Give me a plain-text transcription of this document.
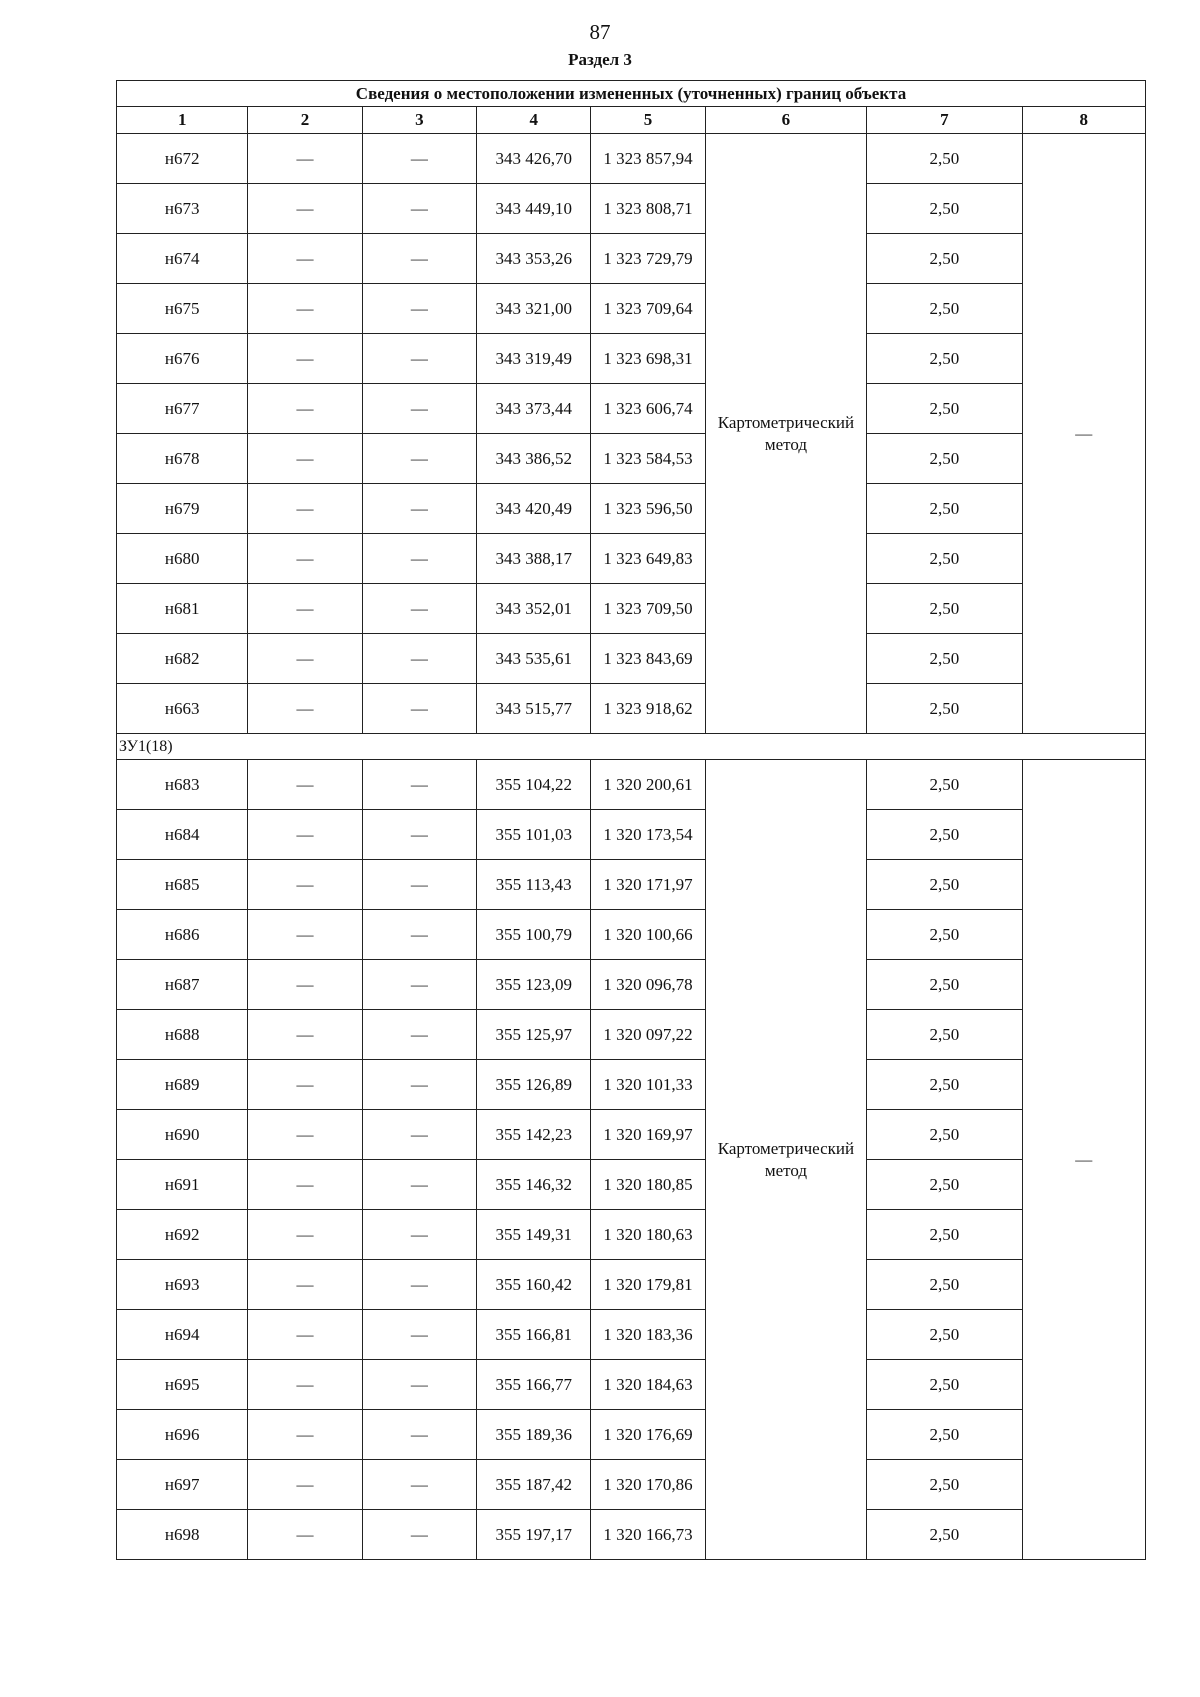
87
Раздел 3
Сведения о местоположении измененных (уточненных) границ объекта							
1	2	3	4	5	6	7	8
н672	—	—	343 426,70	1 323 857,94	Картометрический метод	2,50	—
н673	—	—	343 449,10	1 323 808,71		2,50	
н674	—	—	343 353,26	1 323 729,79		2,50	
н675	—	—	343 321,00	1 323 709,64		2,50	
н676	—	—	343 319,49	1 323 698,31		2,50	
н677	—	—	343 373,44	1 323 606,74		2,50	
н678	—	—	343 386,52	1 323 584,53		2,50	
н679	—	—	343 420,49	1 323 596,50		2,50	
н680	—	—	343 388,17	1 323 649,83		2,50	
н681	—	—	343 352,01	1 323 709,50		2,50	
н682	—	—	343 535,61	1 323 843,69		2,50	
н663	—	—	343 515,77	1 323 918,62		2,50	
ЗУ1(18)							
н683	—	—	355 104,22	1 320 200,61	Картометрический метод	2,50	—
н684	—	—	355 101,03	1 320 173,54		2,50	
н685	—	—	355 113,43	1 320 171,97		2,50	
н686	—	—	355 100,79	1 320 100,66		2,50	
н687	—	—	355 123,09	1 320 096,78		2,50	
н688	—	—	355 125,97	1 320 097,22		2,50	
н689	—	—	355 126,89	1 320 101,33		2,50	
н690	—	—	355 142,23	1 320 169,97		2,50	
н691	—	—	355 146,32	1 320 180,85		2,50	
н692	—	—	355 149,31	1 320 180,63		2,50	
н693	—	—	355 160,42	1 320 179,81		2,50	
н694	—	—	355 166,81	1 320 183,36		2,50	
н695	—	—	355 166,77	1 320 184,63		2,50	
н696	—	—	355 189,36	1 320 176,69		2,50	
н697	—	—	355 187,42	1 320 170,86		2,50	
н698	—	—	355 197,17	1 320 166,73		2,50	
